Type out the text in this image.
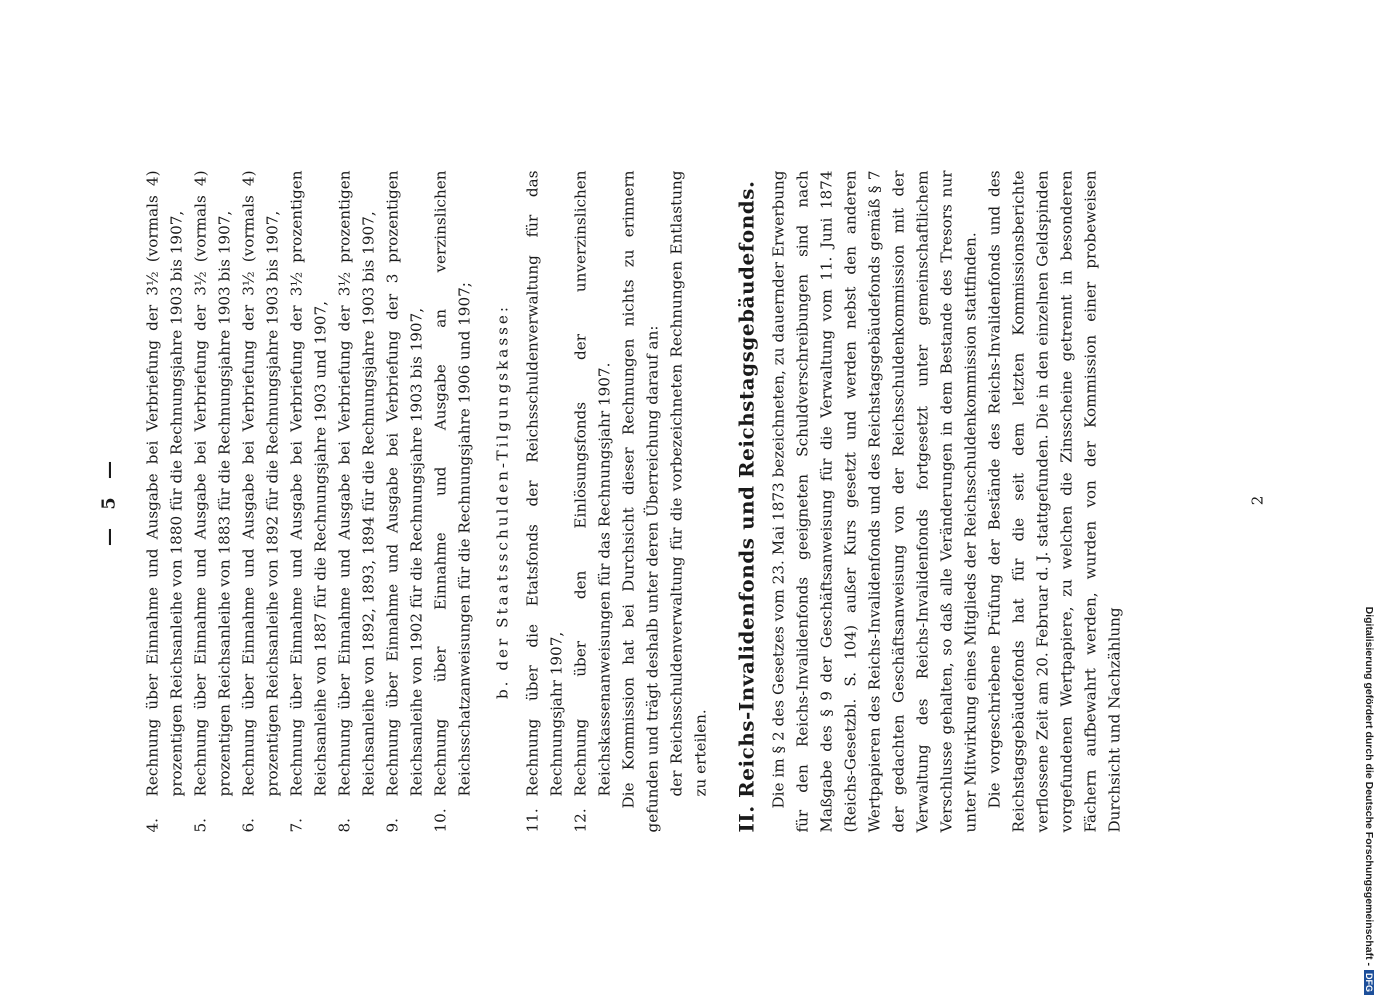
— 5 —

4.Rechnung über Einnahme und Ausgabe bei Verbriefung der 3½ (vormals 4) prozentigen Reichsanleihe von 1880 für die Rechnungsjahre 1903 bis 1907,

5.Rechnung über Einnahme und Ausgabe bei Verbriefung der 3½ (vormals 4) prozentigen Reichsanleihe von 1883 für die Rechnungsjahre 1903 bis 1907,

6.Rechnung über Einnahme und Ausgabe bei Verbriefung der 3½ (vormals 4) prozentigen Reichsanleihe von 1892 für die Rechnungsjahre 1903 bis 1907,

7.Rechnung über Einnahme und Ausgabe bei Verbriefung der 3½ prozentigen Reichsanleihe von 1887 für die Rechnungsjahre 1903 und 1907,

8.Rechnung über Einnahme und Ausgabe bei Verbriefung der 3½ prozentigen Reichsanleihe von 1892, 1893, 1894 für die Rechnungsjahre 1903 bis 1907,

9.Rechnung über Einnahme und Ausgabe bei Verbriefung der 3 prozentigen Reichsanleihe von 1902 für die Rechnungsjahre 1903 bis 1907,

10.Rechnung über Einnahme und Ausgabe an verzinslichen Reichsschatzanweisungen für die Rechnungsjahre 1906 und 1907; b. der Staatsschulden-Tilgungskasse:

11.Rechnung über die Etatsfonds der Reichsschuldenverwaltung für das Rechnungsjahr 1907,

12.Rechnung über den Einlösungsfonds der unverzinslichen Reichskassenanweisungen für das Rechnungsjahr 1907. Die Kommission hat bei Durchsicht dieser Rechnungen nichts zu erinnern gefunden und trägt deshalb unter deren Überreichung darauf an: der Reichsschuldenverwaltung für die vorbezeichneten Rechnungen Entlastung zu erteilen. II. Reichs-Invalidenfonds und Reichstagsgebäudefonds. Die im § 2 des Gesetzes vom 23. Mai 1873 bezeichneten, zu dauernder Erwerbung für den Reichs-Invalidenfonds geeigneten Schuldverschreibungen sind nach Maßgabe des § 9 der Geschäftsanweisung für die Verwaltung vom 11. Juni 1874 (Reichs-Gesetzbl. S. 104) außer Kurs gesetzt und werden nebst den anderen Wertpapieren des Reichs-Invalidenfonds und des Reichstagsgebäudefonds gemäß § 7 der gedachten Geschäftsanweisung von der Reichsschuldenkommission mit der Verwaltung des Reichs-Invalidenfonds fortgesetzt unter gemeinschaftlichem Verschlusse gehalten, so daß alle Veränderungen in dem Bestande des Tresors nur unter Mitwirkung eines Mitglieds der Reichsschuldenkommission stattfinden. Die vorgeschriebene Prüfung der Bestände des Reichs-Invalidenfonds und des Reichstagsgebäudefonds hat für die seit dem letzten Kommissionsberichte verflossene Zeit am 20. Februar d. J. stattgefunden. Die in den einzelnen Geldspinden vorgefundenen Wertpapiere, zu welchen die Zinsscheine getrennt in besonderen Fächern aufbewahrt werden, wurden von der Kommission einer probeweisen Durchsicht und Nachzählung

2
Digitalisierung gefördert durch die Deutsche Forschungsgemeinschaft -DFG
